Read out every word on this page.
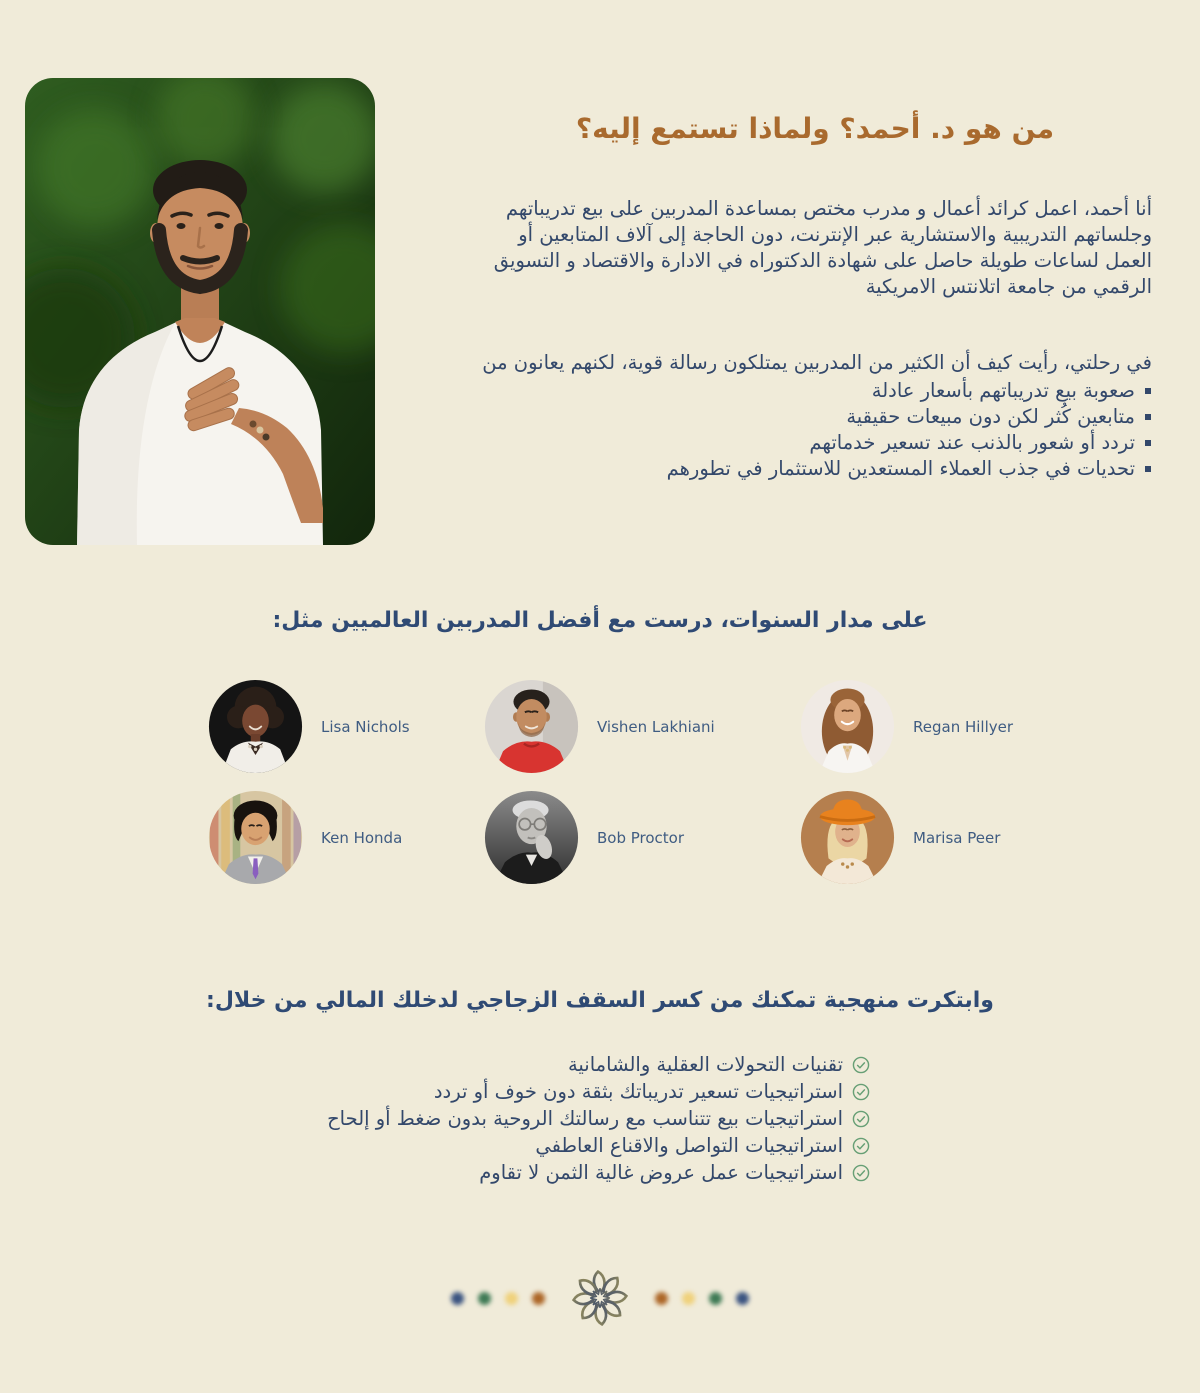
من هو د. أحمد؟ ولماذا تستمع إليه؟

أنا أحمد، اعمل كرائد أعمال و مدرب مختص بمساعدة المدربين على بيع تدريباتهم وجلساتهم التدريبية والاستشارية عبر الإنترنت، دون الحاجة إلى آلاف المتابعين أو العمل لساعات طويلة حاصل على شهادة الدكتوراه في الادارة والاقتصاد و التسويق الرقمي من جامعة اتلانتس الامريكية

في رحلتي، رأيت كيف أن الكثير من المدربين يمتلكون رسالة قوية، لكنهم يعانون من

صعوبة بيع تدريباتهم بأسعار عادلة
متابعين كُثر لكن دون مبيعات حقيقية
تردد أو شعور بالذنب عند تسعير خدماتهم
تحديات في جذب العملاء المستعدين للاستثمار في تطورهم
على مدار السنوات، درست مع أفضل المدربين العالميين مثل:
Lisa Nichols	Vishen Lakhiani	Regan Hillyer
Ken Honda	Bob Proctor	Marisa Peer
وابتكرت منهجية تمكنك من كسر السقف الزجاجي لدخلك المالي من خلال:
تقنيات التحولات العقلية والشامانية
استراتيجيات تسعير تدريباتك بثقة دون خوف أو تردد
استراتيجيات بيع تتناسب مع رسالتك الروحية بدون ضغط أو إلحاح
استراتيجيات التواصل والاقناع العاطفي
استراتيجيات عمل عروض غالية الثمن لا تقاوم
